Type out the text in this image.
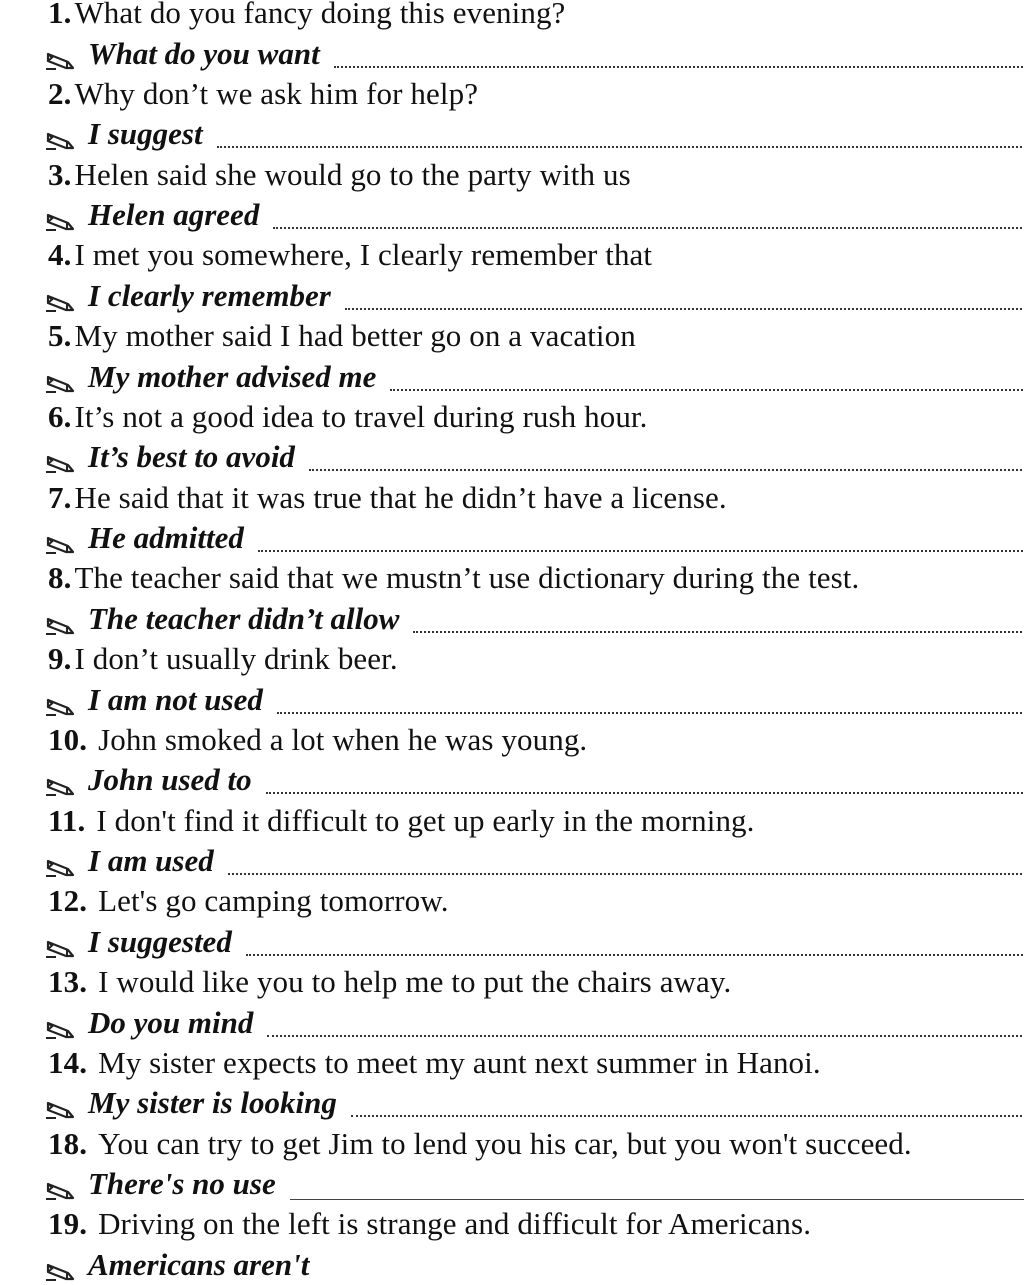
1. What do you fancy doing this evening?
What do you want
2. Why don’t we ask him for help?
I suggest
3. Helen said she would go to the party with us
Helen agreed
4. I met you somewhere, I clearly remember that
I clearly remember
5. My mother said I had better go on a vacation
My mother advised me
6. It’s not a good idea to travel during rush hour.
It’s best to avoid
7. He said that it was true that he didn’t have a license.
He admitted
8. The teacher said that we mustn’t use dictionary during the test.
The teacher didn’t allow
9. I don’t usually drink beer.
I am not used
10. John smoked a lot when he was young.
John used to
11. I don't find it difficult to get up early in the morning.
I am used
12. Let's go camping tomorrow.
I suggested
13. I would like you to help me to put the chairs away.
Do you mind
14. My sister expects to meet my aunt next summer in Hanoi.
My sister is looking
18. You can try to get Jim to lend you his car, but you won't succeed.
There's no use
19. Driving on the left is strange and difficult for Americans.
Americans aren't
